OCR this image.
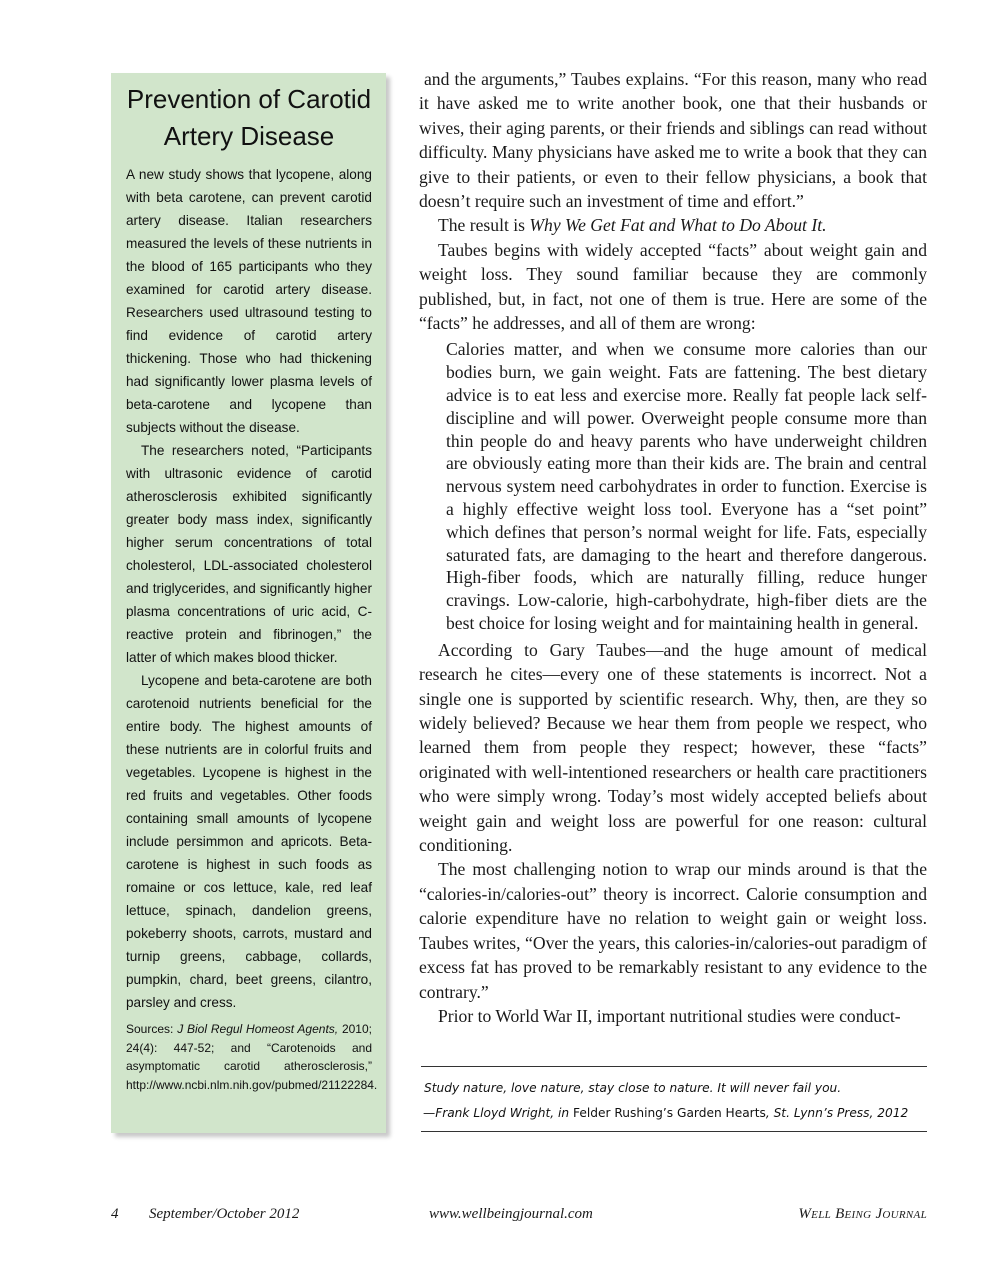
Prevention of Carotid Artery Disease

A new study shows that lycopene, along with beta carotene, can prevent carotid artery disease. Italian researchers measured the levels of these nutrients in the blood of 165 participants who they examined for carotid artery disease. Researchers used ultrasound testing to find evidence of carotid artery thickening. Those who had thickening had significantly lower plasma levels of beta-carotene and lycopene than subjects without the disease.

The researchers noted, “Participants with ultrasonic evidence of carotid atherosclerosis exhibited significantly greater body mass index, significantly higher serum concentrations of total cholesterol, LDL-associated cholesterol and triglycerides, and significantly higher plasma concentrations of uric acid, C-reactive protein and fibrinogen,” the latter of which makes blood thicker.

Lycopene and beta-carotene are both carotenoid nutrients beneficial for the entire body. The highest amounts of these nutrients are in colorful fruits and vegetables. Lycopene is highest in the red fruits and vegetables. Other foods containing small amounts of lycopene include persimmon and apricots. Beta-carotene is highest in such foods as romaine or cos lettuce, kale, red leaf lettuce, spinach, dandelion greens, pokeberry shoots, carrots, mustard and turnip greens, cabbage, collards, pumpkin, chard, beet greens, cilantro, parsley and cress.

Sources: J Biol Regul Homeost Agents, 2010; 24(4): 447-52; and “Carotenoids and asymptomatic carotid atherosclerosis,” http://www.ncbi.nlm.nih.gov/pubmed/21122284.

and the arguments,” Taubes explains. “For this reason, many who read it have asked me to write another book, one that their husbands or wives, their aging parents, or their friends and siblings can read without difficulty. Many physicians have asked me to write a book that they can give to their patients, or even to their fellow physicians, a book that doesn’t require such an investment of time and effort.”

The result is Why We Get Fat and What to Do About It.

Taubes begins with widely accepted “facts” about weight gain and weight loss. They sound familiar because they are commonly published, but, in fact, not one of them is true. Here are some of the “facts” he addresses, and all of them are wrong:

Calories matter, and when we consume more calories than our bodies burn, we gain weight. Fats are fattening. The best dietary advice is to eat less and exercise more. Really fat people lack self-discipline and will power. Overweight people consume more than thin people do and heavy parents who have underweight children are obviously eating more than their kids are. The brain and central nervous system need carbohydrates in order to function. Exercise is a highly effective weight loss tool. Everyone has a “set point” which defines that person’s normal weight for life. Fats, especially saturated fats, are damaging to the heart and therefore dangerous. High-fiber foods, which are naturally filling, reduce hunger cravings. Low-calorie, high-carbohydrate, high-fiber diets are the best choice for losing weight and for maintaining health in general.

According to Gary Taubes—and the huge amount of medical research he cites—every one of these statements is incorrect. Not a single one is supported by scientific research. Why, then, are they so widely believed? Because we hear them from people we respect, who learned them from people they respect; however, these “facts” originated with well-intentioned researchers or health care practitioners who were simply wrong. Today’s most widely accepted beliefs about weight gain and weight loss are powerful for one reason: cultural conditioning.

The most challenging notion to wrap our minds around is that the “calories-in/calories-out” theory is incorrect. Calorie consumption and calorie expenditure have no relation to weight gain or weight loss. Taubes writes, “Over the years, this calories-in/calories-out paradigm of excess fat has proved to be remarkably resistant to any evidence to the contrary.”

Prior to World War II, important nutritional studies were conduct-

Study nature, love nature, stay close to nature. It will never fail you.

—Frank Lloyd Wright, in Felder Rushing’s Garden Hearts, St. Lynn’s Press, 2012

4 September/October 2012	www.wellbeingjournal.com	Well Being Journal
